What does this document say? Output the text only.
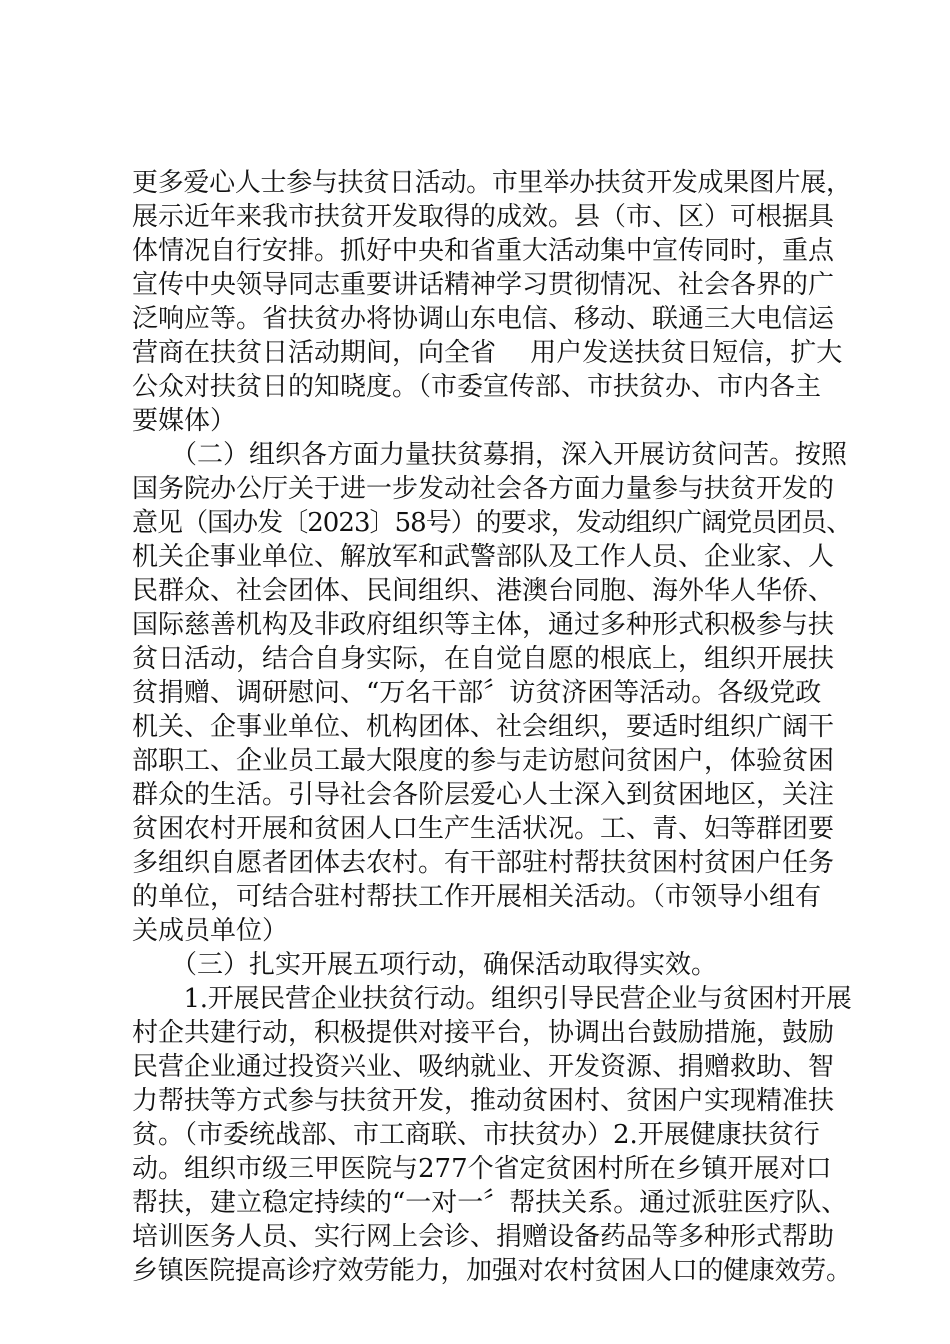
更多爱心人士参与扶贫日活动。市里举办扶贫开发成果图片展，
展示近年来我市扶贫开发取得的成效。县（市、区）可根据具
体情况自行安排。抓好中央和省重大活动集中宣传同时，重点
宣传中央领导同志重要讲话精神学习贯彻情况、社会各界的广
泛响应等。省扶贫办将协调山东电信、移动、联通三大电信运
营商在扶贫日活动期间，向全省　 用户发送扶贫日短信，扩大
公众对扶贫日的知晓度。（市委宣传部、市扶贫办、市内各主
要媒体）
　　（二）组织各方面力量扶贫募捐，深入开展访贫问苦。按照
国务院办公厅关于进一步发动社会各方面力量参与扶贫开发的
意见（国办发〔2023〕58号）的要求，发动组织广阔党员团员、
机关企事业单位、解放军和武警部队及工作人员、企业家、人
民群众、社会团体、民间组织、港澳台同胞、海外华人华侨、
国际慈善机构及非政府组织等主体，通过多种形式积极参与扶
贫日活动，结合自身实际，在自觉自愿的根底上，组织开展扶
贫捐赠、调研慰问、“万名干部〞访贫济困等活动。各级党政
机关、企事业单位、机构团体、社会组织，要适时组织广阔干
部职工、企业员工最大限度的参与走访慰问贫困户，体验贫困
群众的生活。引导社会各阶层爱心人士深入到贫困地区，关注
贫困农村开展和贫困人口生产生活状况。工、青、妇等群团要
多组织自愿者团体去农村。有干部驻村帮扶贫困村贫困户任务
的单位，可结合驻村帮扶工作开展相关活动。（市领导小组有
关成员单位）
　　（三）扎实开展五项行动，确保活动取得实效。
　　1.开展民营企业扶贫行动。组织引导民营企业与贫困村开展
村企共建行动，积极提供对接平台，协调出台鼓励措施，鼓励
民营企业通过投资兴业、吸纳就业、开发资源、捐赠救助、智
力帮扶等方式参与扶贫开发，推动贫困村、贫困户实现精准扶
贫。（市委统战部、市工商联、市扶贫办）2.开展健康扶贫行
动。组织市级三甲医院与277个省定贫困村所在乡镇开展对口
帮扶，建立稳定持续的“一对一〞帮扶关系。通过派驻医疗队、
培训医务人员、实行网上会诊、捐赠设备药品等多种形式帮助
乡镇医院提高诊疗效劳能力，加强对农村贫困人口的健康效劳。
